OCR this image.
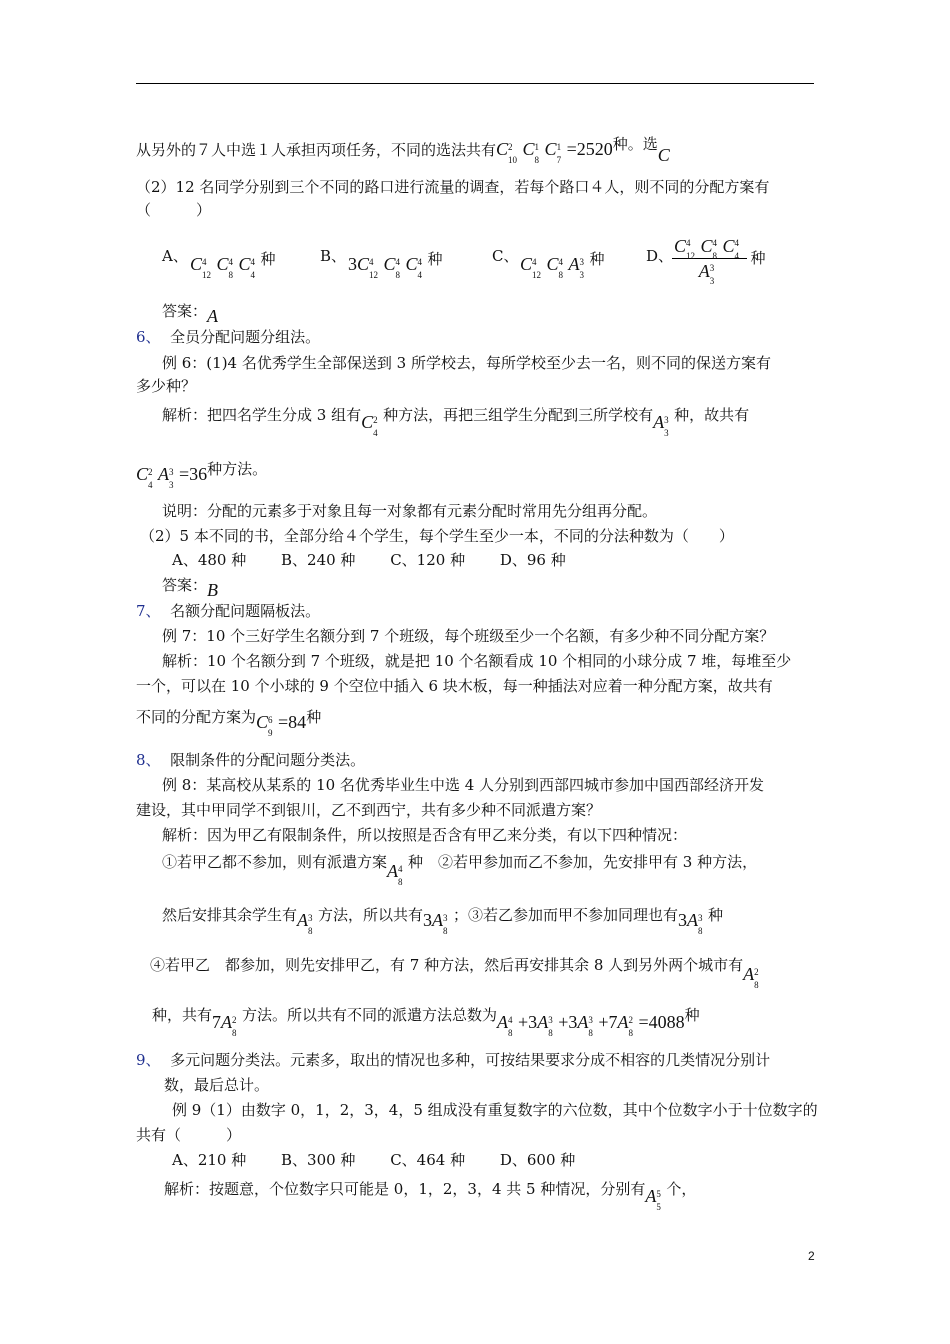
从另外的７人中选１人承担丙项任务，不同的选法共有C 2
10
C 1
8
C 1
7
=2520种。选C
（2）12 名同学分别到三个不同的路口进行流量的调查，若每个路口４人，则不同的分配方案有
（　　　）
A、 C 4
12
C 4
8
C 4
4
种	B、 3C 4
12
C 4
8
C 4
4
种	C、 C 4
12
C 4
8
A 3
3
种	D、
C 4
12 C 4
8 C 4
4
A 3
3 种
答案：A
6、 全员分配问题分组法。
例 6：(1)4 名优秀学生全部保送到 3 所学校去，每所学校至少去一名，则不同的保送方案有
多少种？
解析：把四名学生分成 3 组有C 2
4
种方法，再把三组学生分配到三所学校有A 3
3
种，故共有
C 2
4
A 3
3
=36种方法。
说明：分配的元素多于对象且每一对象都有元素分配时常用先分组再分配。
（2）5 本不同的书，全部分给４个学生，每个学生至少一本，不同的分法种数为（　　）
A、480 种　　 B、240 种　　 C、120 种　　 D、96 种
答案：B
7、 名额分配问题隔板法。
例 7：10 个三好学生名额分到 7 个班级，每个班级至少一个名额，有多少种不同分配方案？
解析：10 个名额分到 7 个班级，就是把 10 个名额看成 10 个相同的小球分成 7 堆，每堆至少
一个，可以在 10 个小球的 9 个空位中插入 6 块木板，每一种插法对应着一种分配方案，故共有
不同的分配方案为C 6
9
=84种
8、 限制条件的分配问题分类法。
例 8：某高校从某系的 10 名优秀毕业生中选 4 人分别到西部四城市参加中国西部经济开发
建设，其中甲同学不到银川，乙不到西宁，共有多少种不同派遣方案？
解析：因为甲乙有限制条件，所以按照是否含有甲乙来分类，有以下四种情况：
①若甲乙都不参加，则有派遣方案A 4
8
种　②若甲参加而乙不参加，先安排甲有 3 种方法，
然后安排其余学生有A 3
8
方法，所以共有3A 3
8
；③若乙参加而甲不参加同理也有3A 3
8
种
④若甲乙　都参加，则先安排甲乙，有 7 种方法，然后再安排其余 8 人到另外两个城市有A 2
8
种，共有7A 2
8
方法。所以共有不同的派遣方法总数为A 4
8
+3A 3
8
+3A 3
8
+7A 2
8
=4088种
9、 多元问题分类法。元素多，取出的情况也多种，可按结果要求分成不相容的几类情况分别计
数，最后总计。
例 9（1）由数字 0，1，2，3，4，5 组成没有重复数字的六位数，其中个位数字小于十位数字的
共有（　　　）
A、210 种　　 B、300 种　　 C、464 种　　 D、600 种
解析：按题意，个位数字只可能是 0，1，2，3，4 共 5 种情况，分别有A 5
5
个，
2
